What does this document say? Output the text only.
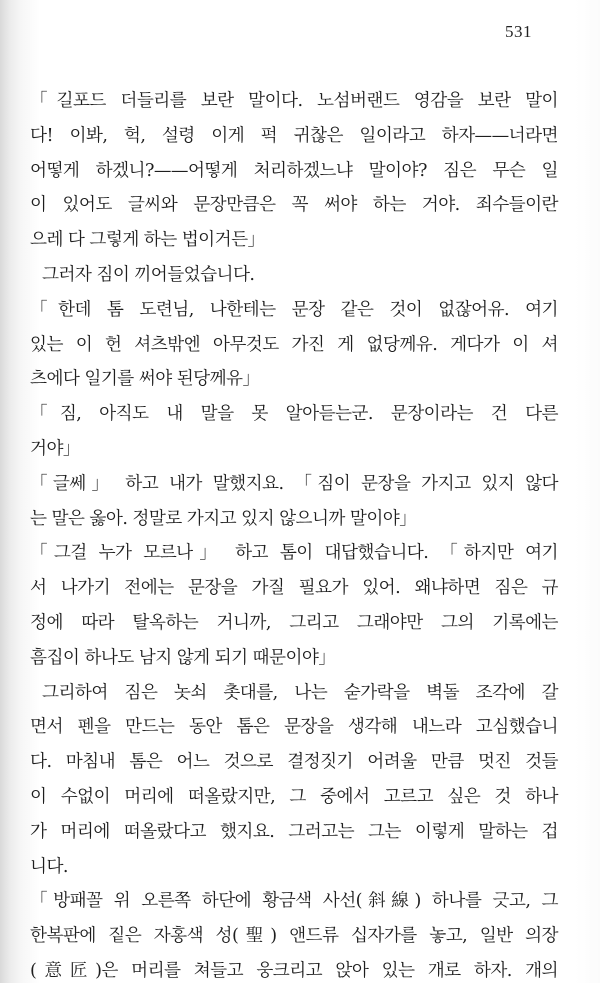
531
「길포드 더들리를 보란 말이다. 노섬버랜드 영감을 보란 말이
다! 이봐, 헉, 설령 이게 퍽 귀찮은 일이라고 하자——너라면
어떻게 하겠니?——어떻게 처리하겠느냐 말이야? 짐은 무슨 일
이 있어도 글씨와 문장만큼은 꼭 써야 하는 거야. 죄수들이란
으레 다 그렇게 하는 법이거든」
그러자 짐이 끼어들었습니다.
「한데 톰 도련님, 나한테는 문장 같은 것이 없잖어유. 여기
있는 이 헌 셔츠밖엔 아무것도 가진 게 없당께유. 게다가 이 셔
츠에다 일기를 써야 된당께유」
「짐, 아직도 내 말을 못 알아듣는군. 문장이라는 건 다른
거야」
「글쎄」 하고 내가 말했지요. 「짐이 문장을 가지고 있지 않다
는 말은 옳아. 정말로 가지고 있지 않으니까 말이야」
「그걸 누가 모르나」 하고 톰이 대답했습니다. 「하지만 여기
서 나가기 전에는 문장을 가질 필요가 있어. 왜냐하면 짐은 규
정에 따라 탈옥하는 거니까, 그리고 그래야만 그의 기록에는
흠집이 하나도 남지 않게 되기 때문이야」
그리하여 짐은 놋쇠 촛대를, 나는 숟가락을 벽돌 조각에 갈
면서 펜을 만드는 동안 톰은 문장을 생각해 내느라 고심했습니
다. 마침내 톰은 어느 것으로 결정짓기 어려울 만큼 멋진 것들
이 수없이 머리에 떠올랐지만, 그 중에서 고르고 싶은 것 하나
가 머리에 떠올랐다고 했지요. 그러고는 그는 이렇게 말하는 겁
니다.
「방패꼴 위 오른쪽 하단에 황금색 사선(斜線) 하나를 긋고, 그
한복판에 짙은 자홍색 성(聖) 앤드류 십자가를 놓고, 일반 의장
(意匠)은 머리를 쳐들고 웅크리고 앉아 있는 개로 하자. 개의
